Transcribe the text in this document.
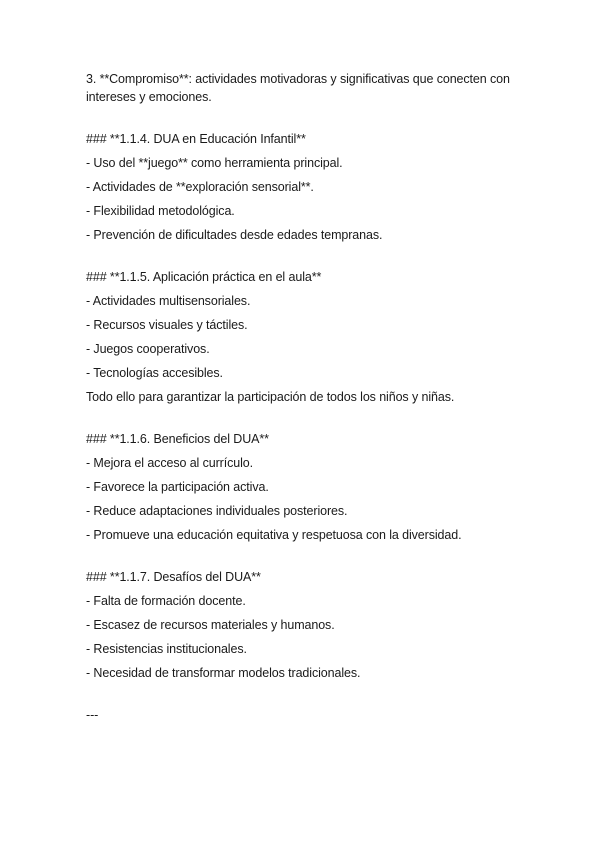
3. **Compromiso**: actividades motivadoras y significativas que conecten con
intereses y emociones.
### **1.1.4. DUA en Educación Infantil**
- Uso del **juego** como herramienta principal.
- Actividades de **exploración sensorial**.
- Flexibilidad metodológica.
- Prevención de dificultades desde edades tempranas.
### **1.1.5. Aplicación práctica en el aula**
- Actividades multisensoriales.
- Recursos visuales y táctiles.
- Juegos cooperativos.
- Tecnologías accesibles.
Todo ello para garantizar la participación de todos los niños y niñas.
### **1.1.6. Beneficios del DUA**
- Mejora el acceso al currículo.
- Favorece la participación activa.
- Reduce adaptaciones individuales posteriores.
- Promueve una educación equitativa y respetuosa con la diversidad.
### **1.1.7. Desafíos del DUA**
- Falta de formación docente.
- Escasez de recursos materiales y humanos.
- Resistencias institucionales.
- Necesidad de transformar modelos tradicionales.
---
